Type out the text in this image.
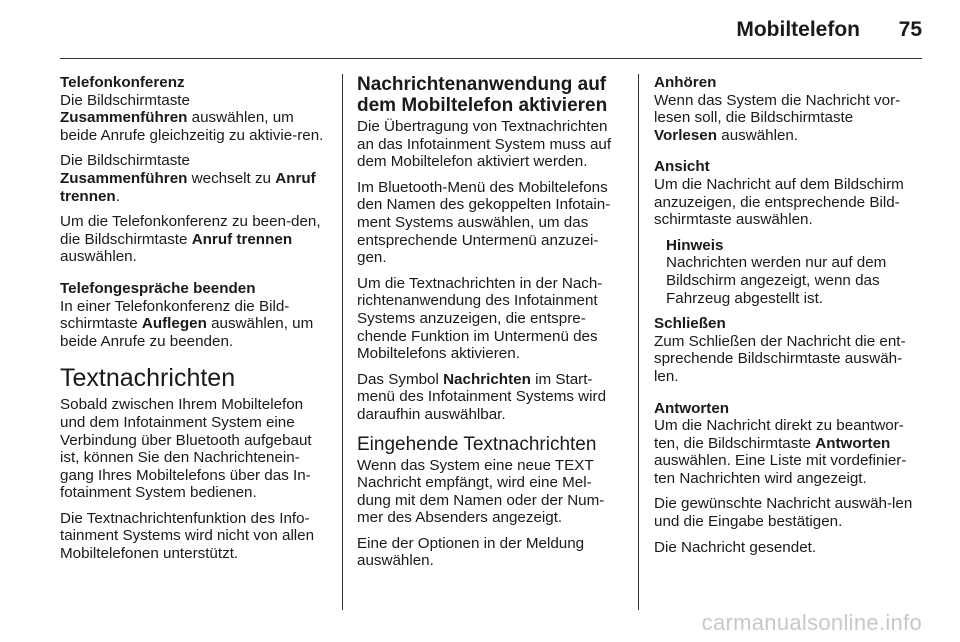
Mobiltelefon 75

Telefonkonferenz

Die Bildschirmtaste
Zusammenführen auswählen, um beide Anrufe gleichzeitig zu aktivie-ren.

Die Bildschirmtaste
Zusammenführen wechselt zu Anruf trennen.

Um die Telefonkonferenz zu been-den, die Bildschirmtaste Anruf trennen auswählen.

Telefongespräche beenden

In einer Telefonkonferenz die Bild-schirmtaste Auflegen auswählen, um beide Anrufe zu beenden.

Textnachrichten

Sobald zwischen Ihrem Mobiltelefon und dem Infotainment System eine Verbindung über Bluetooth aufgebaut ist, können Sie den Nachrichtenein-gang Ihres Mobiltelefons über das In-fotainment System bedienen.

Die Textnachrichtenfunktion des Info-tainment Systems wird nicht von allen Mobiltelefonen unterstützt.

Nachrichtenanwendung auf dem Mobiltelefon aktivieren

Die Übertragung von Textnachrichten an das Infotainment System muss auf dem Mobiltelefon aktiviert werden.

Im Bluetooth-Menü des Mobiltelefons den Namen des gekoppelten Infotain-ment Systems auswählen, um das entsprechende Untermenü anzuzei-gen.

Um die Textnachrichten in der Nach-richtenanwendung des Infotainment Systems anzuzeigen, die entspre-chende Funktion im Untermenü des Mobiltelefons aktivieren.

Das Symbol Nachrichten im Start-menü des Infotainment Systems wird daraufhin auswählbar.

Eingehende Textnachrichten

Wenn das System eine neue TEXT Nachricht empfängt, wird eine Mel-dung mit dem Namen oder der Num-mer des Absenders angezeigt.

Eine der Optionen in der Meldung auswählen.

Anhören

Wenn das System die Nachricht vor-lesen soll, die Bildschirmtaste
Vorlesen auswählen.

Ansicht

Um die Nachricht auf dem Bildschirm anzuzeigen, die entsprechende Bild-schirmtaste auswählen.

Hinweis

Nachrichten werden nur auf dem Bildschirm angezeigt, wenn das Fahrzeug abgestellt ist.

Schließen

Zum Schließen der Nachricht die ent-sprechende Bildschirmtaste auswäh-len.

Antworten

Um die Nachricht direkt zu beantwor-ten, die Bildschirmtaste Antworten auswählen. Eine Liste mit vordefinier-ten Nachrichten wird angezeigt.

Die gewünschte Nachricht auswäh-len und die Eingabe bestätigen.

Die Nachricht gesendet.

carmanualsonline.info
